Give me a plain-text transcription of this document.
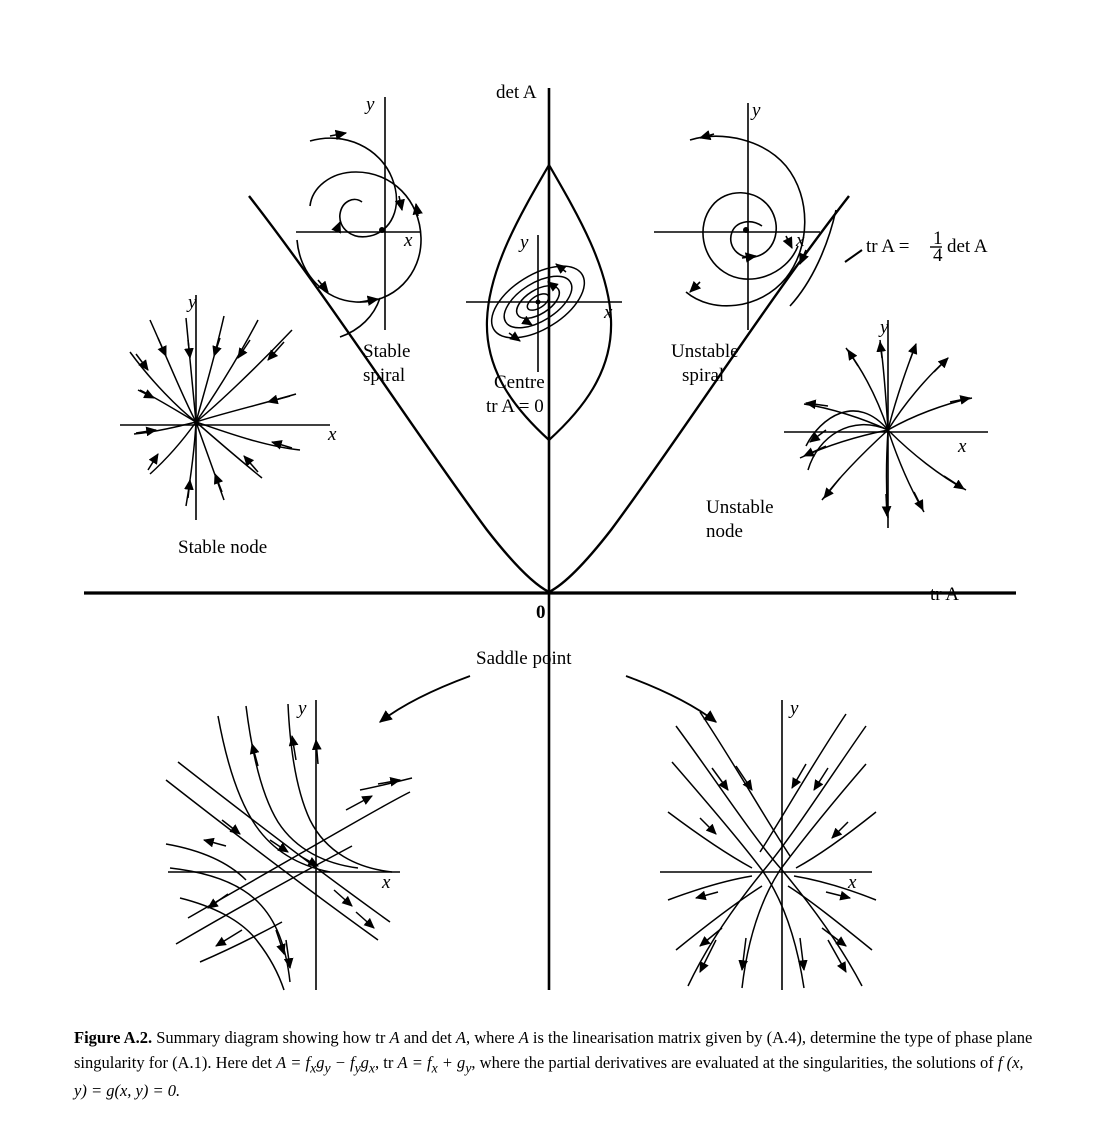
det A
tr A
0
tr A = 1
4 det A
Stable
spiral	Centre
tr A = 0
Unstable
spiral
Stable node
Unstable
node
Saddle point
y
x	y
x
y
x
y
x
y
x
y
x
y
x
Figure A.2. Summary diagram showing how tr A and det A, where A is the linearisation matrix given by (A.4), determine the type of phase plane singularity for (A.1). Here $\det A = f_xg_y - f_yg_x$, tr $A = f_x + g_y$, where the partial derivatives are evaluated at the singularities, the solutions of f (x, y) = g(x, y) = 0.
